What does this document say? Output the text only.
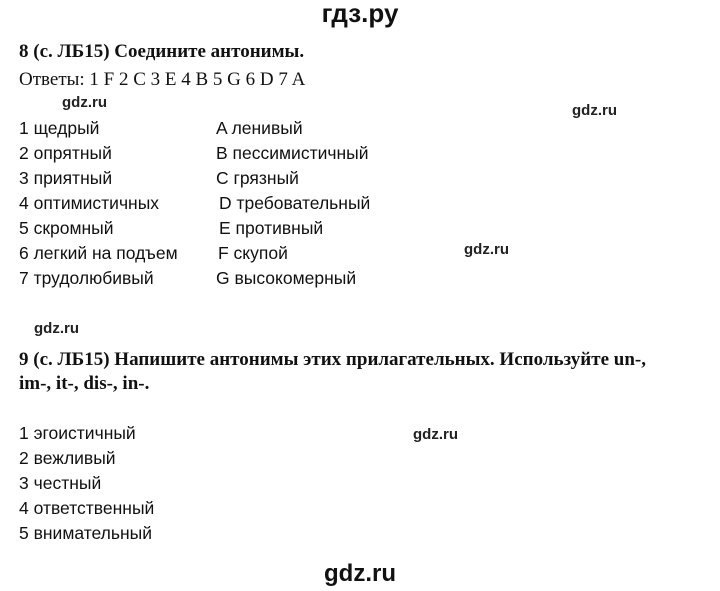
гдз.ру
8 (с. ЛБ15) Соедините антонимы.
Ответы: 1 F 2 C 3 E 4 B 5 G 6 D 7 A
gdz.ru	gdz.ru
1 щедрый
2 опрятный
3 приятный
4 оптимистичных
5 скромный
6 легкий на подъем
7 трудолюбивый
A ленивый
B пессимистичный
C грязный
D требовательный
E противный
F скупой
G высокомерный
gdz.ru
gdz.ru
9 (с. ЛБ15) Напишите антонимы этих прилагательных. Используйте un-,
im-, it-, dis-, in-.
gdz.ru
1 эгоистичный
2 вежливый
3 честный
4 ответственный
5 внимательный
gdz.ru
